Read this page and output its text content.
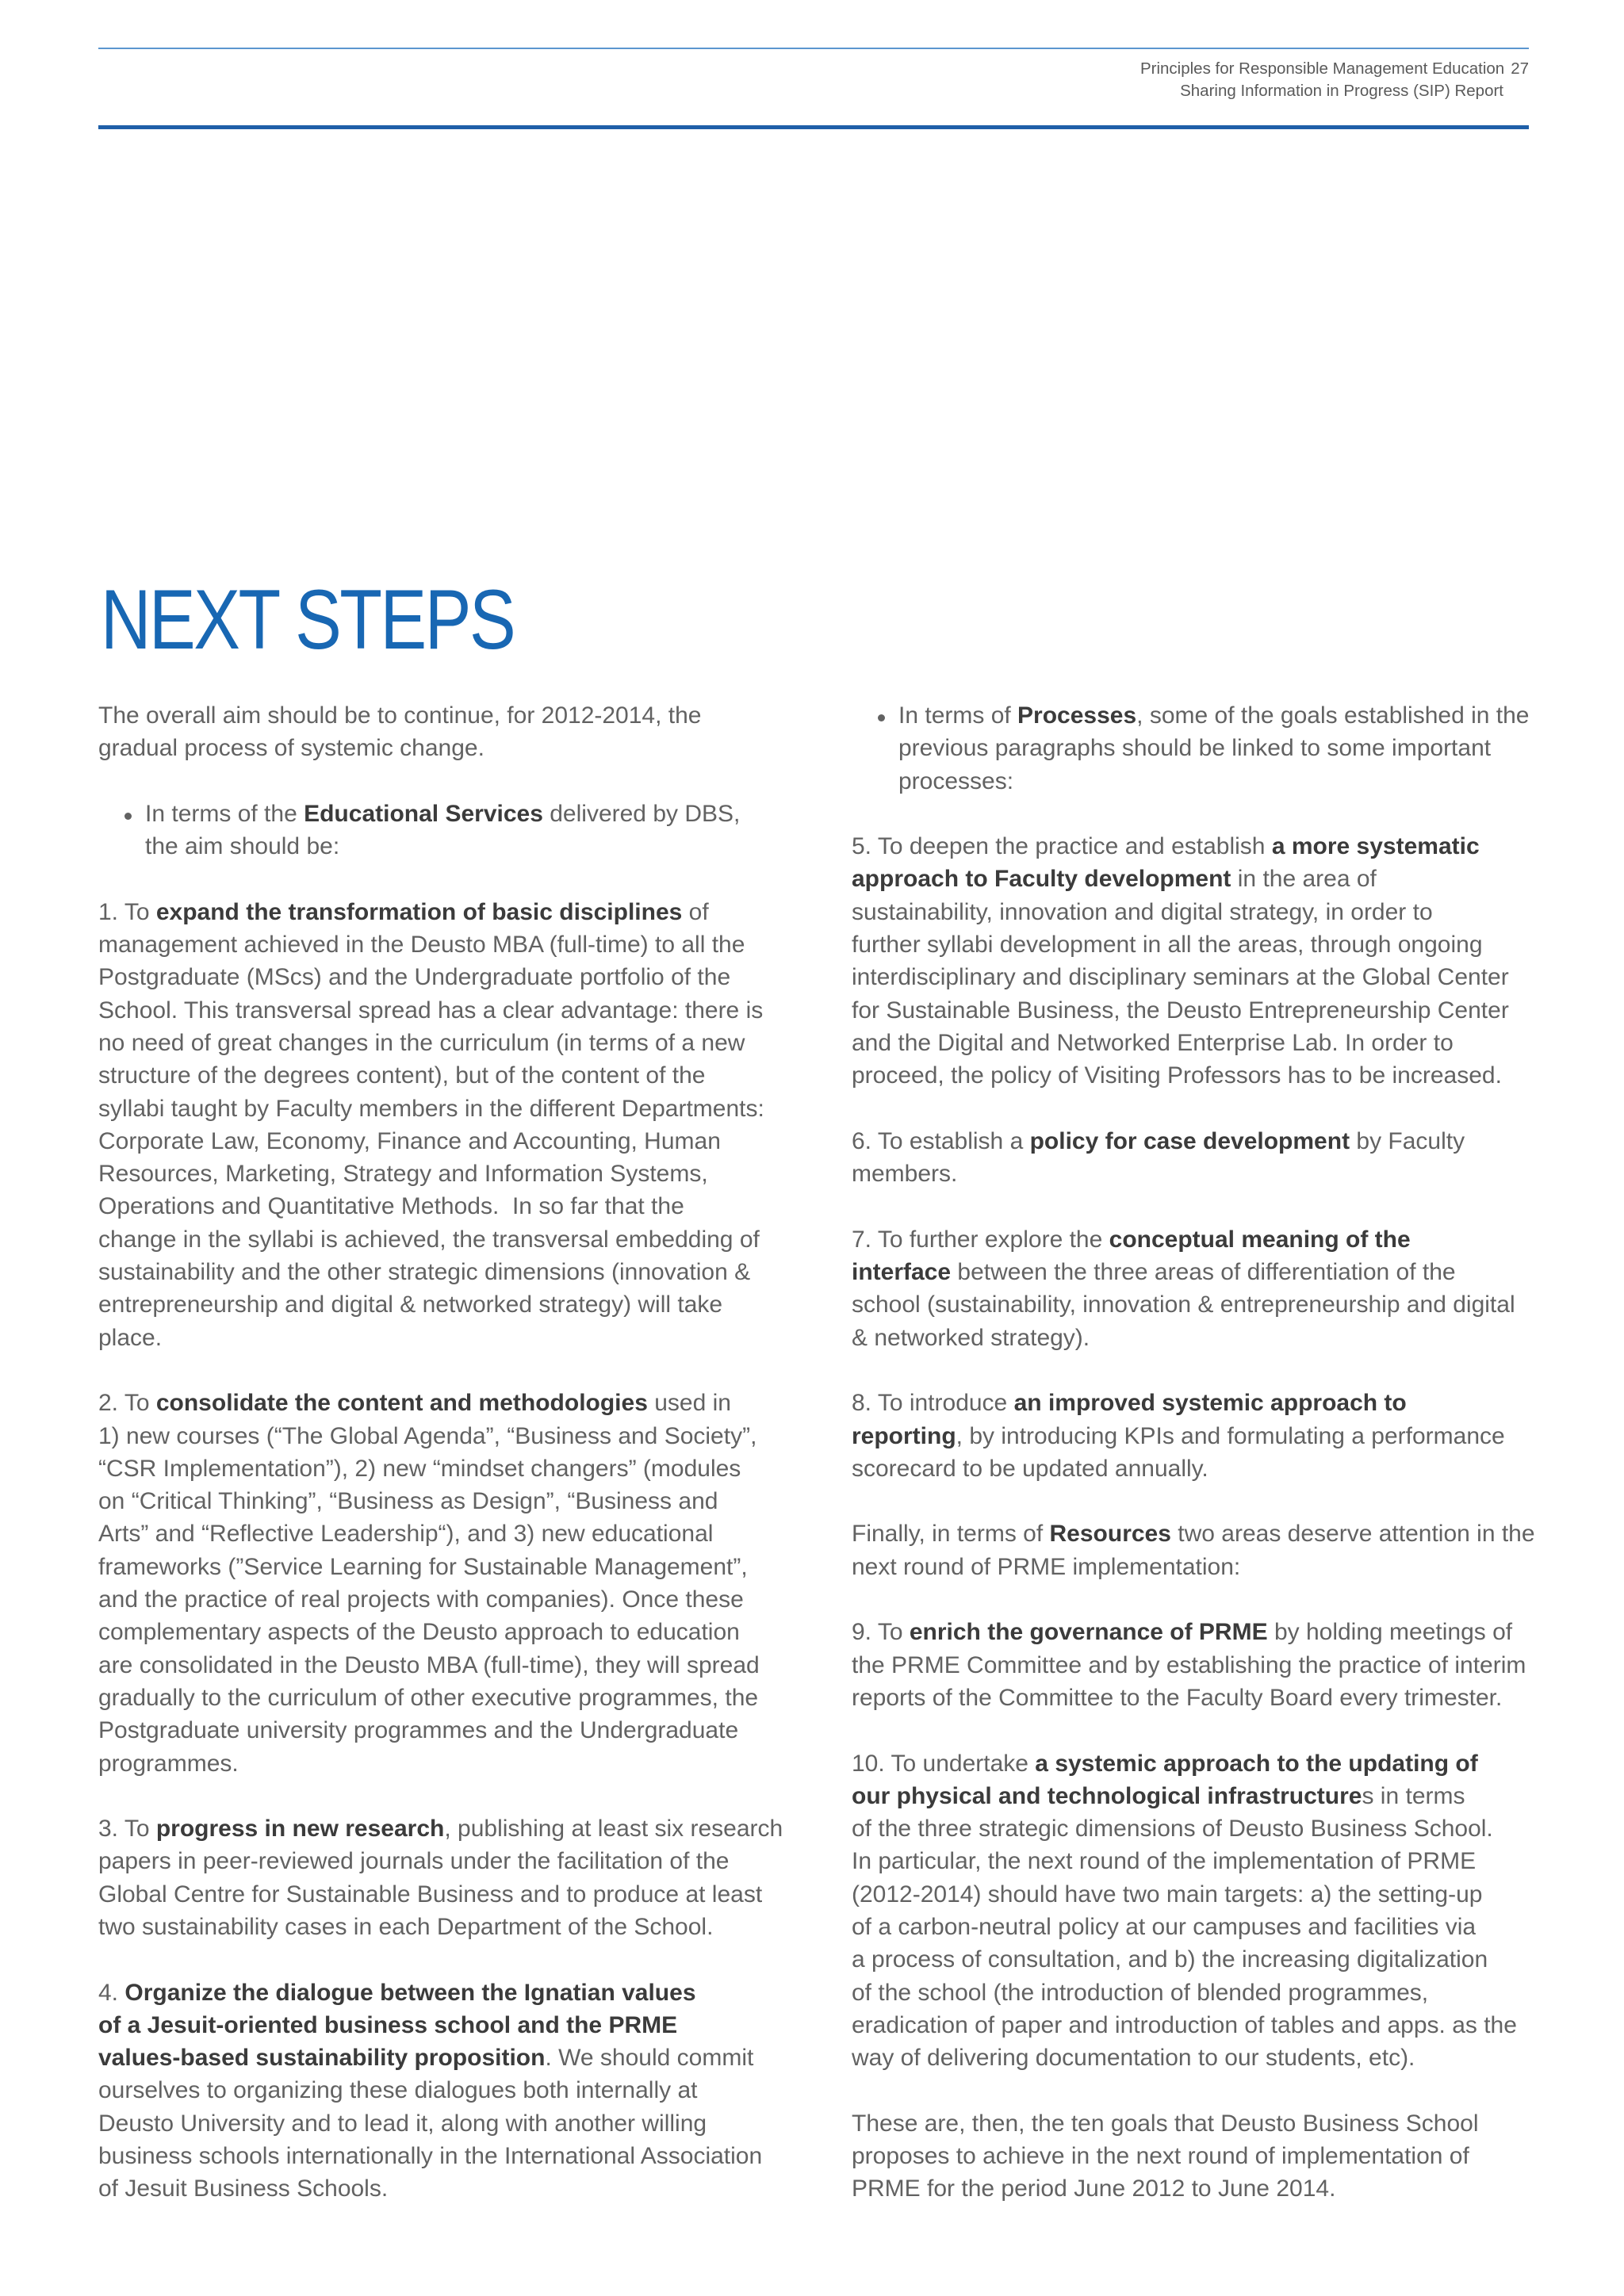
Principles for Responsible Management Education 27
Sharing Information in Progress (SIP) Report
NEXT STEPS
The overall aim should be to continue, for 2012-2014, the
gradual process of systemic change.
In terms of the Educational Services delivered by DBS,
the aim should be:
1. To expand the transformation of basic disciplines of
management achieved in the Deusto MBA (full-time) to all the
Postgraduate (MScs) and the Undergraduate portfolio of the
School. This transversal spread has a clear advantage: there is
no need of great changes in the curriculum (in terms of a new
structure of the degrees content), but of the content of the
syllabi taught by Faculty members in the different Departments:
Corporate Law, Economy, Finance and Accounting, Human
Resources, Marketing, Strategy and Information Systems,
Operations and Quantitative Methods.  In so far that the
change in the syllabi is achieved, the transversal embedding of
sustainability and the other strategic dimensions (innovation &
entrepreneurship and digital & networked strategy) will take
place.
2. To consolidate the content and methodologies used in
1) new courses (“The Global Agenda”, “Business and Society”,
“CSR Implementation”), 2) new “mindset changers” (modules
on “Critical Thinking”, “Business as Design”, “Business and
Arts” and “Reflective Leadership“), and 3) new educational
frameworks (”Service Learning for Sustainable Management”,
and the practice of real projects with companies). Once these
complementary aspects of the Deusto approach to education
are consolidated in the Deusto MBA (full-time), they will spread
gradually to the curriculum of other executive programmes, the
Postgraduate university programmes and the Undergraduate
programmes.
3. To progress in new research, publishing at least six research
papers in peer-reviewed journals under the facilitation of the
Global Centre for Sustainable Business and to produce at least
two sustainability cases in each Department of the School.
4. Organize the dialogue between the Ignatian values
of a Jesuit-oriented business school and the PRME
values-based sustainability proposition. We should commit
ourselves to organizing these dialogues both internally at
Deusto University and to lead it, along with another willing
business schools internationally in the International Association
of Jesuit Business Schools.
In terms of Processes, some of the goals established in the
previous paragraphs should be linked to some important
processes:
5. To deepen the practice and establish a more systematic
approach to Faculty development in the area of
sustainability, innovation and digital strategy, in order to
further syllabi development in all the areas, through ongoing
interdisciplinary and disciplinary seminars at the Global Center
for Sustainable Business, the Deusto Entrepreneurship Center
and the Digital and Networked Enterprise Lab. In order to
proceed, the policy of Visiting Professors has to be increased.
6. To establish a policy for case development by Faculty
members.
7. To further explore the conceptual meaning of the
interface between the three areas of differentiation of the
school (sustainability, innovation & entrepreneurship and digital
& networked strategy).
8. To introduce an improved systemic approach to
reporting, by introducing KPIs and formulating a performance
scorecard to be updated annually.
Finally, in terms of Resources two areas deserve attention in the
next round of PRME implementation:
9. To enrich the governance of PRME by holding meetings of
the PRME Committee and by establishing the practice of interim
reports of the Committee to the Faculty Board every trimester.
10. To undertake a systemic approach to the updating of
our physical and technological infrastructures in terms
of the three strategic dimensions of Deusto Business School.
In particular, the next round of the implementation of PRME
(2012-2014) should have two main targets: a) the setting-up
of a carbon-neutral policy at our campuses and facilities via
a process of consultation, and b) the increasing digitalization
of the school (the introduction of blended programmes,
eradication of paper and introduction of tables and apps. as the
way of delivering documentation to our students, etc).
These are, then, the ten goals that Deusto Business School
proposes to achieve in the next round of implementation of
PRME for the period June 2012 to June 2014.
